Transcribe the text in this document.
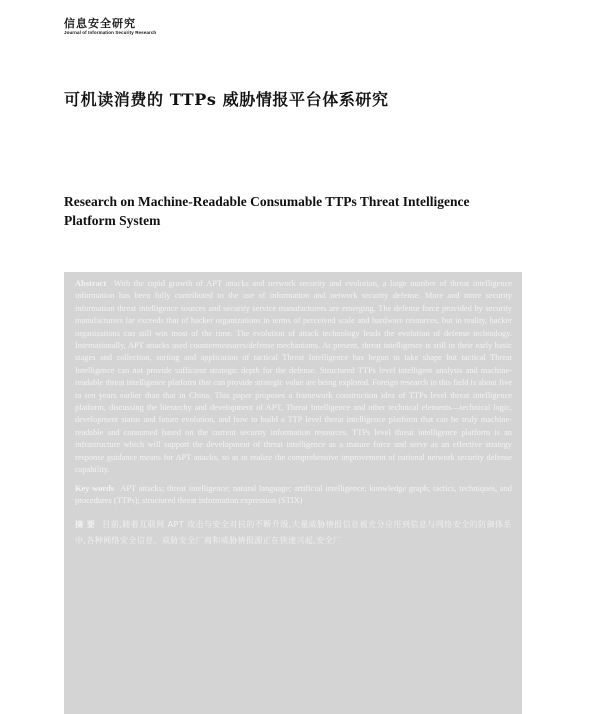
信息安全研究
Journal of Information Security Research
可机读消费的 TTPs 威胁情报平台体系研究
Research on Machine-Readable Consumable TTPs Threat Intelligence Platform System

Abstract With the rapid growth of APT attacks and network security and evolution, a large number of threat intelligence information has been fully contributed to the use of information and network security defense. More and more security information threat intelligence sources and security service manufacturers are emerging. The defense force provided by security manufacturers far exceeds that of hacker organizations in terms of perceived scale and hardware resources, but in reality, hacker organizations can still win most of the time. The evolution of attack technology leads the evolution of defense technology. Internationally, APT attacks used countermeasures/defense mechanisms. At present, threat intelligence is still in their early basic stages and collection, sorting and application of tactical Threat Intelligence has begun to take shape but tactical Threat Intelligence can not provide sufficient strategic depth for the defense. Structured TTPs level intelligent analysis and machine-readable threat intelligence platform that can provide strategic value are being explored. Foreign research in this field is about five to ten years earlier than that in China. This paper proposes a framework construction idea of TTPs level threat intelligence platform, discussing the hierarchy and development of APT, Threat Intelligence and other technical elements—technical logic, development status and future evolution, and how to build a TTP level threat intelligence platform that can be truly machine-readable and consumed based on the current security information resources. TTPs level threat intelligence platform is an infrastructure which will support the development of threat intelligence as a mature force and serve as an effective strategy response guidance means for APT attacks, so as to realize the comprehensive improvement of national network security defense capability.

Key words APT attacks; threat intelligence; natural language; artificial intelligence; knowledge graph; tactics, techniques, and procedures (TTPs); structured threat information expression (STIX)

摘 要 目前,随着互联网 APT 攻击与安全对抗的不断升级,大量威胁情报信息被充分应用到信息与网络安全的防御体系中,各种网络安全信息、威胁安全厂商和威胁情报源正在快速兴起,安全厂
